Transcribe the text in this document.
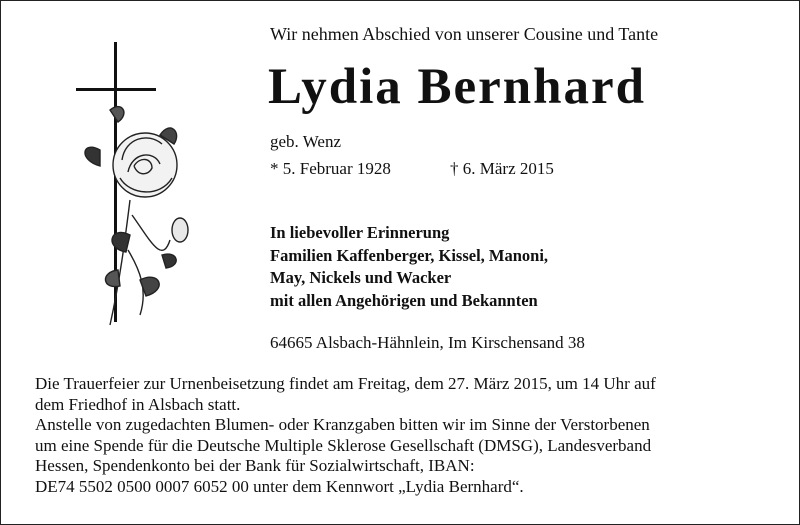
Wir nehmen Abschied von unserer Cousine und Tante
Lydia Bernhard
geb. Wenz
* 5. Februar 1928	† 6. März 2015
In liebevoller Erinnerung
Familien Kaffenberger, Kissel, Manoni,
May, Nickels und Wacker
mit allen Angehörigen und Bekannten
64665 Alsbach-Hähnlein, Im Kirschensand 38
Die Trauerfeier zur Urnenbeisetzung findet am Freitag, dem 27. März 2015, um 14 Uhr auf
dem Friedhof in Alsbach statt.
Anstelle von zugedachten Blumen- oder Kranzgaben bitten wir im Sinne der Verstorbenen
um eine Spende für die Deutsche Multiple Sklerose Gesellschaft (DMSG), Landesverband
Hessen, Spendenkonto bei der Bank für Sozialwirtschaft, IBAN:
DE74 5502 0500 0007 6052 00 unter dem Kennwort „Lydia Bernhard“.
